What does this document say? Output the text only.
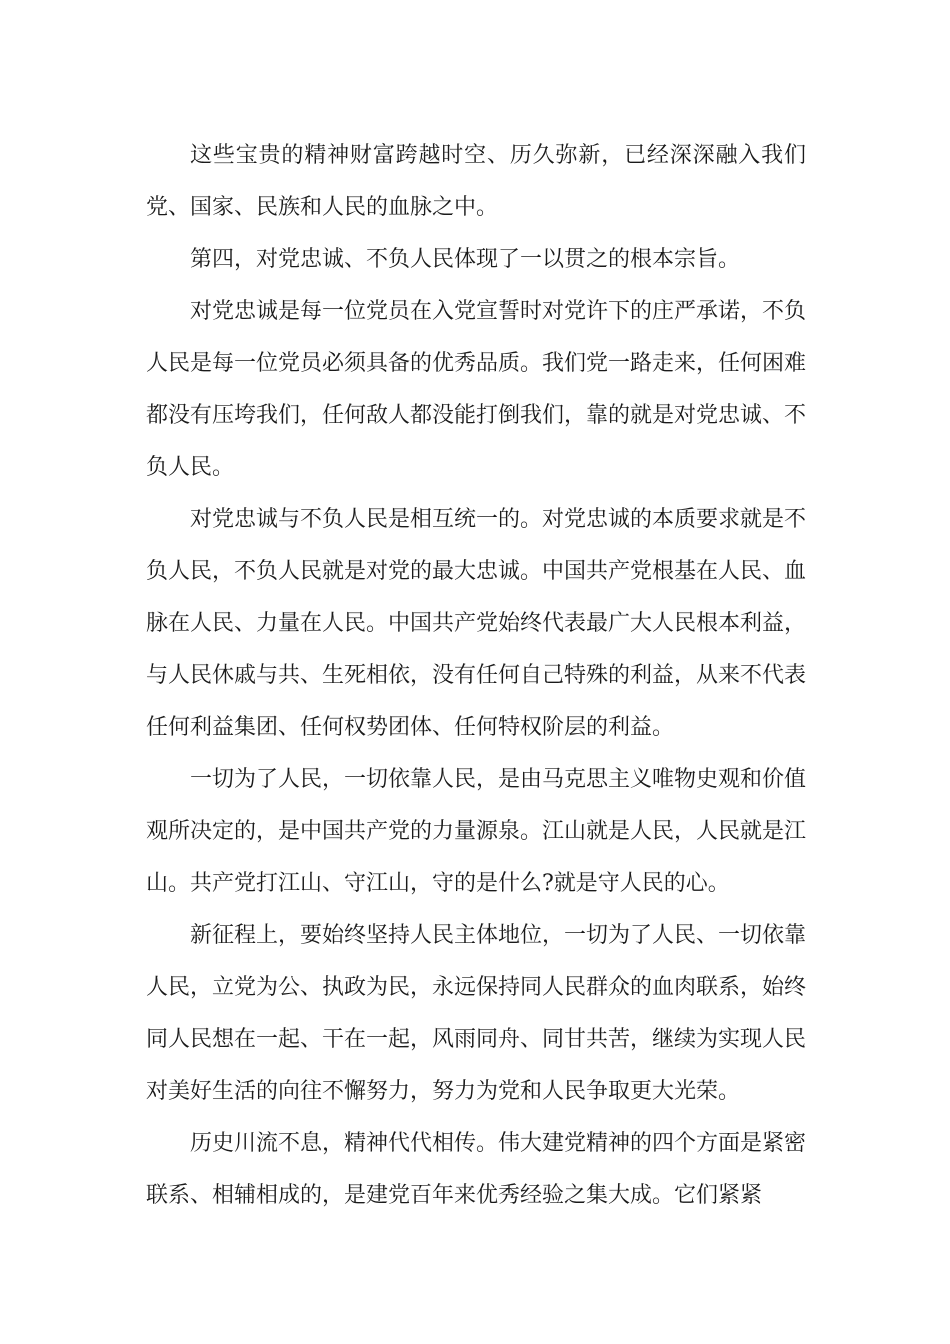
这些宝贵的精神财富跨越时空、历久弥新，已经深深融入我们党、国家、民族和人民的血脉之中。

第四，对党忠诚、不负人民体现了一以贯之的根本宗旨。

对党忠诚是每一位党员在入党宣誓时对党许下的庄严承诺，不负人民是每一位党员必须具备的优秀品质。我们党一路走来，任何困难都没有压垮我们，任何敌人都没能打倒我们，靠的就是对党忠诚、不负人民。

对党忠诚与不负人民是相互统一的。对党忠诚的本质要求就是不负人民，不负人民就是对党的最大忠诚。中国共产党根基在人民、血脉在人民、力量在人民。中国共产党始终代表最广大人民根本利益，与人民休戚与共、生死相依，没有任何自己特殊的利益，从来不代表任何利益集团、任何权势团体、任何特权阶层的利益。

一切为了人民，一切依靠人民，是由马克思主义唯物史观和价值观所决定的，是中国共产党的力量源泉。江山就是人民，人民就是江山。共产党打江山、守江山，守的是什么?就是守人民的心。

新征程上，要始终坚持人民主体地位，一切为了人民、一切依靠人民，立党为公、执政为民，永远保持同人民群众的血肉联系，始终同人民想在一起、干在一起，风雨同舟、同甘共苦，继续为实现人民对美好生活的向往不懈努力，努力为党和人民争取更大光荣。

历史川流不息，精神代代相传。伟大建党精神的四个方面是紧密联系、相辅相成的，是建党百年来优秀经验之集大成。它们紧紧
